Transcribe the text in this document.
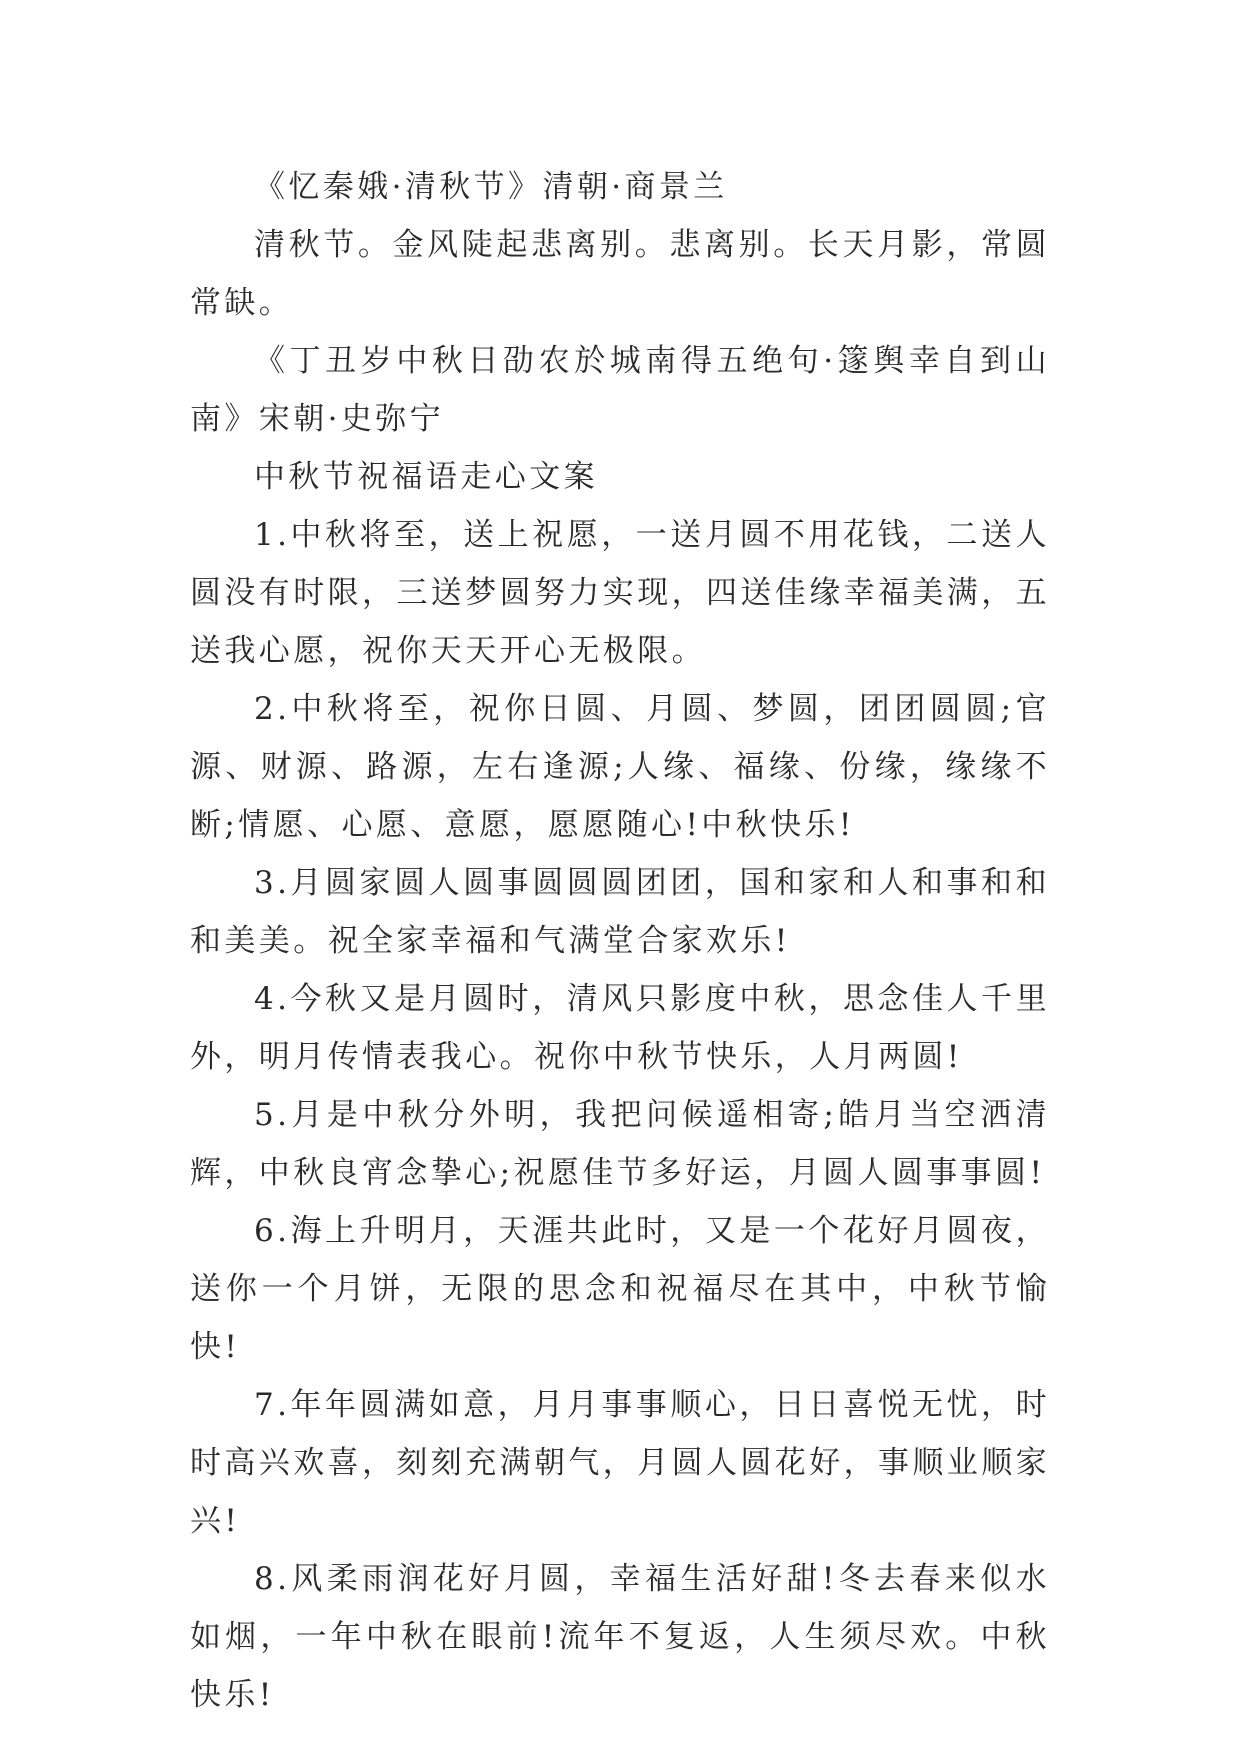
《忆秦娥·清秋节》清朝·商景兰

清秋节。金风陡起悲离别。悲离别。长天月影，常圆常缺。

《丁丑岁中秋日劭农於城南得五绝句·篴舆幸自到山南》宋朝·史弥宁

中秋节祝福语走心文案

1.中秋将至，送上祝愿，一送月圆不用花钱，二送人圆没有时限，三送梦圆努力实现，四送佳缘幸福美满，五送我心愿，祝你天天开心无极限。

2.中秋将至，祝你日圆、月圆、梦圆，团团圆圆;官源、财源、路源，左右逢源;人缘、福缘、份缘，缘缘不断;情愿、心愿、意愿，愿愿随心!中秋快乐!

3.月圆家圆人圆事圆圆圆团团，国和家和人和事和和和美美。祝全家幸福和气满堂合家欢乐!

4.今秋又是月圆时，清风只影度中秋，思念佳人千里外，明月传情表我心。祝你中秋节快乐，人月两圆!

5.月是中秋分外明，我把问候遥相寄;皓月当空洒清辉，中秋良宵念挚心;祝愿佳节多好运，月圆人圆事事圆!

6.海上升明月，天涯共此时，又是一个花好月圆夜，送你一个月饼，无限的思念和祝福尽在其中，中秋节愉快!

7.年年圆满如意，月月事事顺心，日日喜悦无忧，时时高兴欢喜，刻刻充满朝气，月圆人圆花好，事顺业顺家兴!

8.风柔雨润花好月圆，幸福生活好甜!冬去春来似水如烟，一年中秋在眼前!流年不复返，人生须尽欢。中秋快乐!
